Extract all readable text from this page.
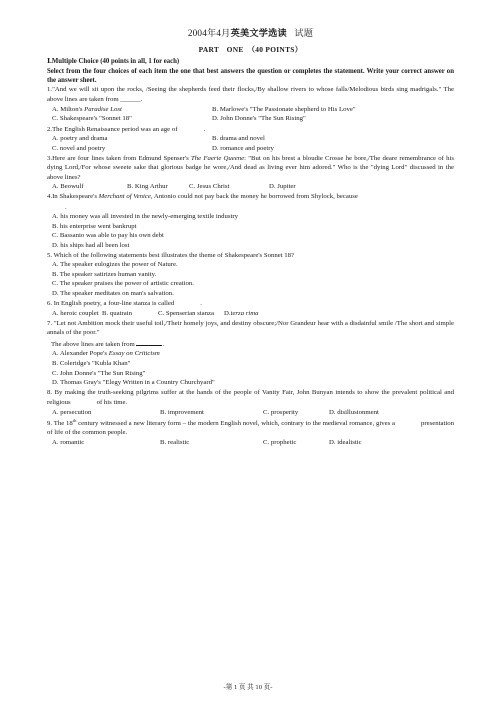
2004年4月英美文学选读 试题

PART　ONE　（40 POINTS）

Ⅰ.Multiple Choice (40 points in all, 1 for each)

Select from the four choices of each item the one that best answers the question or completes the statement. Write your correct answer on the answer sheet.

1."And we will sit upon the rocks, /Seeing the shepherds feed their flocks,/By shallow rivers to whose falls/Melodious birds sing madrigals." The above lines are taken from ______.

A. Milton's Paradise Lost	B. Marlowe's "The Passionate shepherd to His Love"
C. Shakespeare's "Sonnet 18"	D. John Donne's "The Sun Rising"

2.The English Renaissance period was an age of	.

A. poetry and drama	B. drama and novel
C. novel and poetry	D. romance and poetry

3.Here are four lines taken from Edmund Spenser's The Faerie Queene: "But on his brest a bloudie Crosse he bore,/The deare remembrance of his dying Lord,/For whose sweete sake that glorious badge he wore,/And dead as living ever him adored." Who is the "dying Lord" discussed in the above lines?

A. Beowulf	B. King Arthur	C. Jesus Christ	D. Jupiter

4.In Shakespeare's Merchant of Venice, Antonio could not pay back the money he borrowed from Shylock, because
.

A. his money was all invested in the newly-emerging textile industry

B. his enterprise went bankrupt

C. Bassanio was able to pay his own debt

D. his ships had all been lost

5. Which of the following statements best illustrates the theme of Shakespeare's Sonnet 18?

A. The speaker eulogizes the power of Nature.

B. The speaker satirizes human vanity.

C. The speaker praises the power of artistic creation.

D. The speaker meditates on man's salvation.

6. In English poetry, a four-line stanza is called	.

A. heroic couplet B. quatrain	C. Spenserian stanza	D.terza rima

7. "Let not Ambition mock their useful toil,/Their homely joys, and destiny obscure;/Nor Grandeur hear with a disdainful smile /The short and simple annals of the poor."

The above lines are taken from	.

A. Alexander Pope's Essay on Criticism

B. Coleridge's "Kubla Khan"

C. John Donne's "The Sun Rising"

D. Thomas Gray's "Elegy Written in a Country Churchyard"

8. By making the truth-seeking pilgrims suffer at the hands of the people of Vanity Fair, John Bunyan intends to show the prevalent political and religious	of his time.

A. persecution	B. improvement	C. prosperity	D. disillusionment

9. The 18th century witnessed a new literary form – the modern English novel, which, contrary to the medieval romance, gives a	presentation of life of the common people.

A. romantic	B. realistic	C. prophetic	D. idealistic
-第 1 页 共 10 页-
